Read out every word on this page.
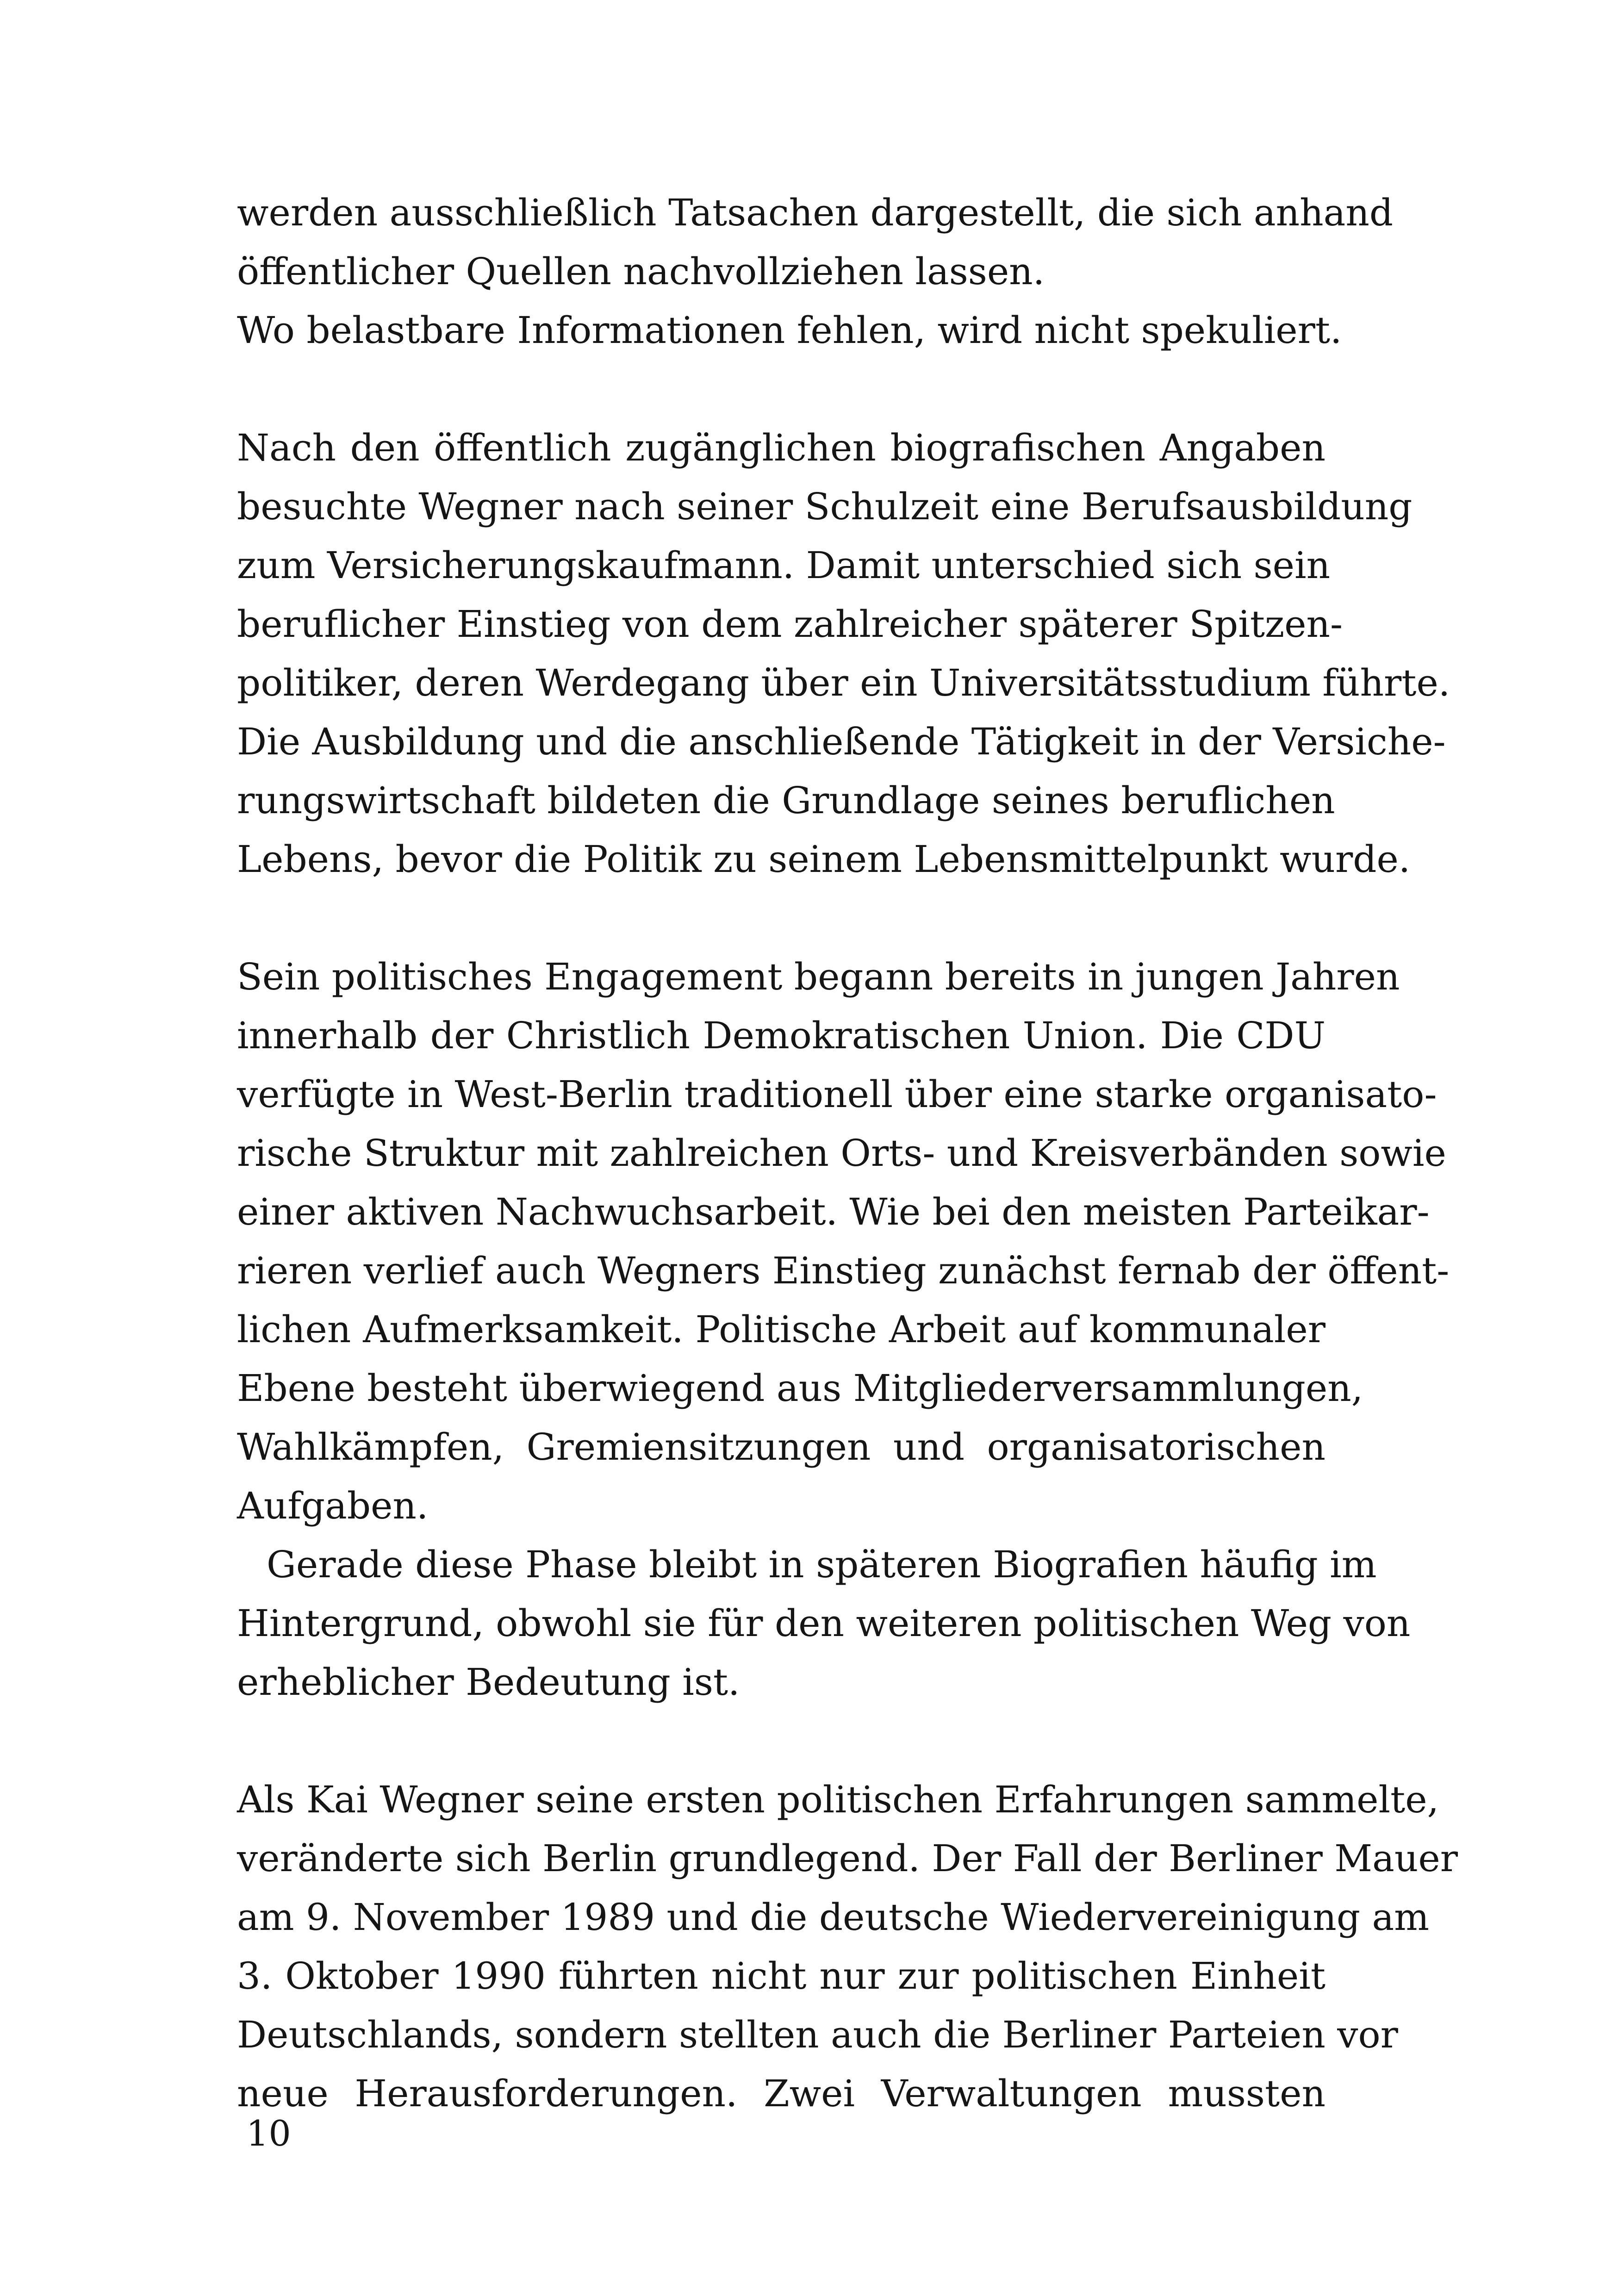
werden ausschließlich Tatsachen dargestellt, die sich anhand
öffentlicher Quellen nachvollziehen lassen.
Wo belastbare Informationen fehlen, wird nicht spekuliert.
Nach den öffentlich zugänglichen biografischen Angaben
besuchte Wegner nach seiner Schulzeit eine Berufsausbildung
zum Versicherungskaufmann. Damit unterschied sich sein
beruflicher Einstieg von dem zahlreicher späterer Spitzen-
politiker, deren Werdegang über ein Universitätsstudium führte.
Die Ausbildung und die anschließende Tätigkeit in der Versiche-
rungswirtschaft bildeten die Grundlage seines beruflichen
Lebens, bevor die Politik zu seinem Lebensmittelpunkt wurde.
Sein politisches Engagement begann bereits in jungen Jahren
innerhalb der Christlich Demokratischen Union. Die CDU
verfügte in West-Berlin traditionell über eine starke organisato-
rische Struktur mit zahlreichen Orts- und Kreisverbänden sowie
einer aktiven Nachwuchsarbeit. Wie bei den meisten Parteikar-
rieren verlief auch Wegners Einstieg zunächst fernab der öffent-
lichen Aufmerksamkeit. Politische Arbeit auf kommunaler
Ebene besteht überwiegend aus Mitgliederversammlungen,
Wahlkämpfen, Gremiensitzungen und organisatorischen
Aufgaben.
Gerade diese Phase bleibt in späteren Biografien häufig im
Hintergrund, obwohl sie für den weiteren politischen Weg von
erheblicher Bedeutung ist.
Als Kai Wegner seine ersten politischen Erfahrungen sammelte,
veränderte sich Berlin grundlegend. Der Fall der Berliner Mauer
am 9. November 1989 und die deutsche Wiedervereinigung am
3. Oktober 1990 führten nicht nur zur politischen Einheit
Deutschlands, sondern stellten auch die Berliner Parteien vor
neue Herausforderungen. Zwei Verwaltungen mussten
10
